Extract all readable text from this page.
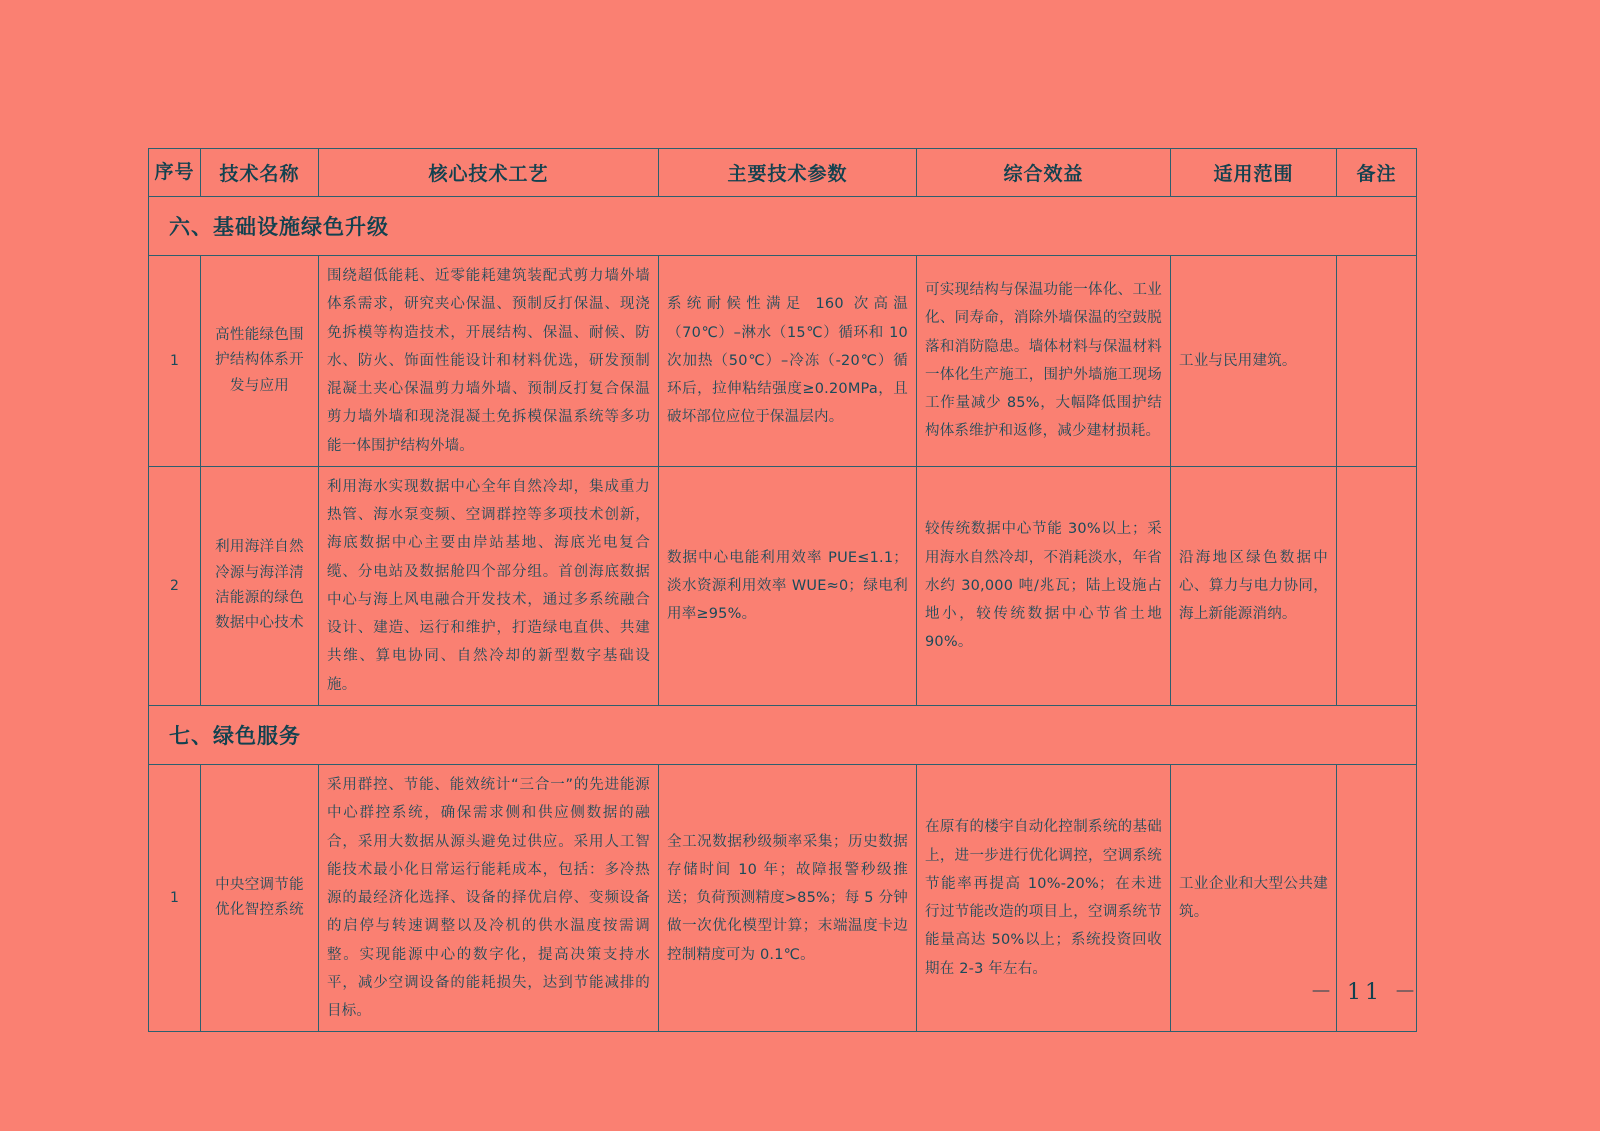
序号	技术名称	核心技术工艺	主要技术参数	综合效益	适用范围	备注
六、基础设施绿色升级						
1	高性能绿色围护结构体系开发与应用	围绕超低能耗、近零能耗建筑装配式剪力墙外墙体系需求，研究夹心保温、预制反打保温、现浇免拆模等构造技术，开展结构、保温、耐候、防水、防火、饰面性能设计和材料优选，研发预制混凝土夹心保温剪力墙外墙、预制反打复合保温剪力墙外墙和现浇混凝土免拆模保温系统等多功能一体围护结构外墙。	系统耐候性满足 160 次高温（70℃）–淋水（15℃）循环和 10 次加热（50℃）–冷冻（-20℃）循环后，拉伸粘结强度≥0.20MPa，且破坏部位应位于保温层内。	可实现结构与保温功能一体化、工业化、同寿命，消除外墙保温的空鼓脱落和消防隐患。墙体材料与保温材料一体化生产施工，围护外墙施工现场工作量减少 85%，大幅降低围护结构体系维护和返修，减少建材损耗。	工业与民用建筑。	
2	利用海洋自然冷源与海洋清洁能源的绿色数据中心技术	利用海水实现数据中心全年自然冷却，集成重力热管、海水泵变频、空调群控等多项技术创新，海底数据中心主要由岸站基地、海底光电复合缆、分电站及数据舱四个部分组。首创海底数据中心与海上风电融合开发技术，通过多系统融合设计、建造、运行和维护，打造绿电直供、共建共维、算电协同、自然冷却的新型数字基础设施。	数据中心电能利用效率 PUE≤1.1；淡水资源利用效率 WUE≈0；绿电利用率≥95%。	较传统数据中心节能 30%以上；采用海水自然冷却，不消耗淡水，年省水约 30,000 吨/兆瓦；陆上设施占地小，较传统数据中心节省土地 90%。	沿海地区绿色数据中心、算力与电力协同，海上新能源消纳。	
七、绿色服务						
1	中央空调节能优化智控系统	采用群控、节能、能效统计“三合一”的先进能源中心群控系统，确保需求侧和供应侧数据的融合，采用大数据从源头避免过供应。采用人工智能技术最小化日常运行能耗成本，包括：多冷热源的最经济化选择、设备的择优启停、变频设备的启停与转速调整以及冷机的供水温度按需调整。实现能源中心的数字化，提高决策支持水平，减少空调设备的能耗损失，达到节能减排的目标。	全工况数据秒级频率采集；历史数据存储时间 10 年；故障报警秒级推送；负荷预测精度>85%；每 5 分钟做一次优化模型计算；末端温度卡边控制精度可为 0.1℃。	在原有的楼宇自动化控制系统的基础上，进一步进行优化调控，空调系统节能率再提高 10%-20%；在未进行过节能改造的项目上，空调系统节能量高达 50%以上；系统投资回收期在 2-3 年左右。	工业企业和大型公共建筑。	
－ 11 －
